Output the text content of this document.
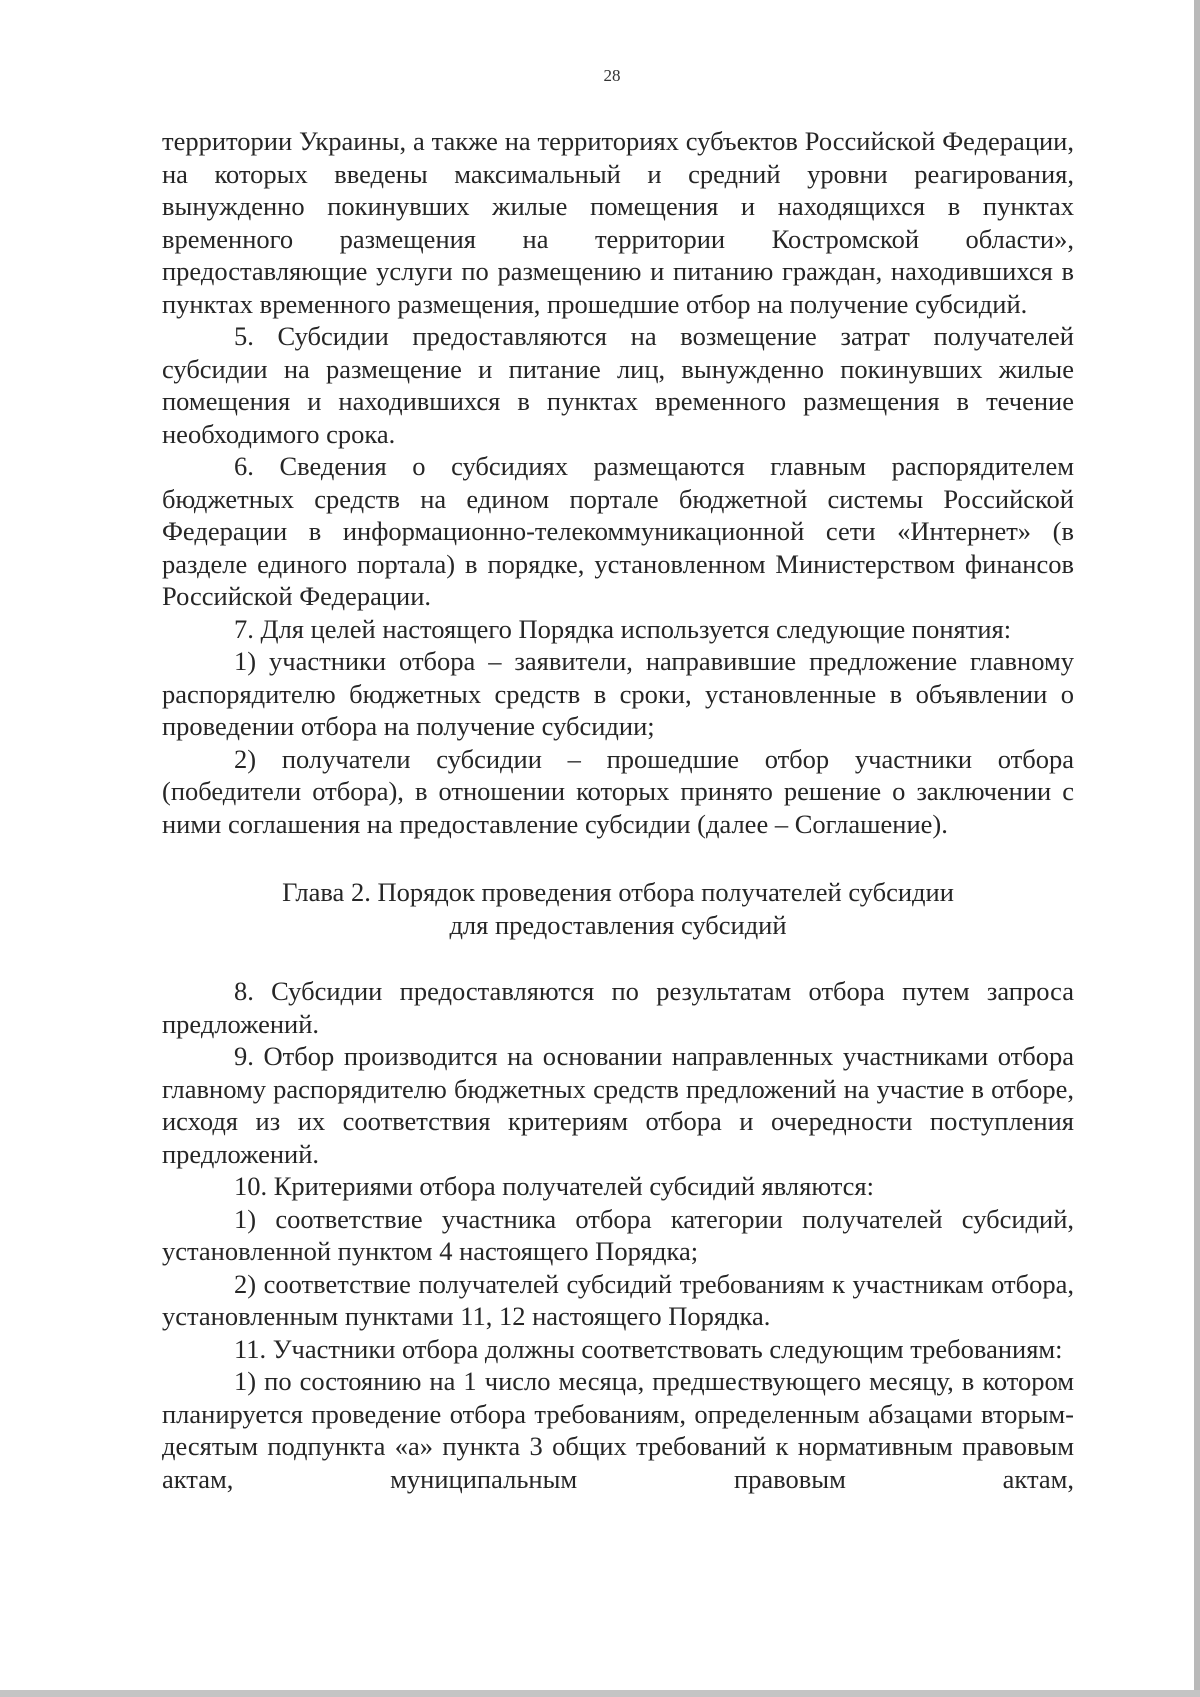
28

территории Украины, а также на территориях субъектов Российской Федерации, на которых введены максимальный и средний уровни реагирования, вынужденно покинувших жилые помещения и находящихся в пунктах временного размещения на территории Костромской области», предоставляющие услуги по размещению и питанию граждан, находившихся в пунктах временного размещения, прошедшие отбор на получение субсидий.

5. Субсидии предоставляются на возмещение затрат получателей субсидии на размещение и питание лиц, вынужденно покинувших жилые помещения и находившихся в пунктах временного размещения в течение необходимого срока.

6. Сведения о субсидиях размещаются главным распорядителем бюджетных средств на едином портале бюджетной системы Российской Федерации в информационно-телекоммуникационной сети «Интернет» (в разделе единого портала) в порядке, установленном Министерством финансов Российской Федерации.

7. Для целей настоящего Порядка используется следующие понятия:

1) участники отбора – заявители, направившие предложение главному распорядителю бюджетных средств в сроки, установленные в объявлении о проведении отбора на получение субсидии;

2) получатели субсидии – прошедшие отбор участники отбора (победители отбора), в отношении которых принято решение о заключении с ними соглашения на предоставление субсидии (далее – Соглашение).

Глава 2. Порядок проведения отбора получателей субсидии
для предоставления субсидий

8. Субсидии предоставляются по результатам отбора путем запроса предложений.

9. Отбор производится на основании направленных участниками отбора главному распорядителю бюджетных средств предложений на участие в отборе, исходя из их соответствия критериям отбора и очередности поступления предложений.

10. Критериями отбора получателей субсидий являются:

1) соответствие участника отбора категории получателей субсидий, установленной пунктом 4 настоящего Порядка;

2) соответствие получателей субсидий требованиям к участникам отбора, установленным пунктами 11, 12 настоящего Порядка.

11. Участники отбора должны соответствовать следующим требованиям:

1) по состоянию на 1 число месяца, предшествующего месяцу, в котором планируется проведение отбора требованиям, определенным абзацами вторым-десятым подпункта «а» пункта 3 общих требований к нормативным правовым актам, муниципальным правовым актам,
